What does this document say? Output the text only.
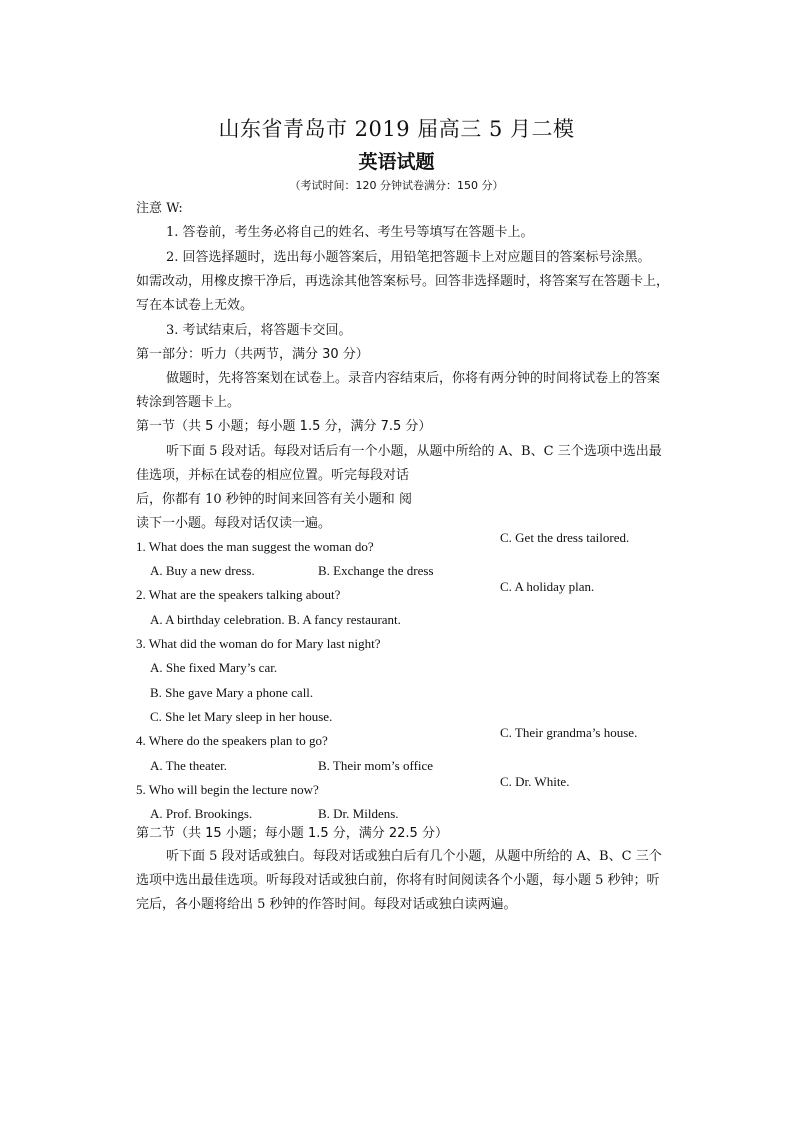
山东省青岛市 2019 届高三 5 月二模
英语试题
（考试时间：120 分钟试卷满分：150 分）
注意 W:
1. 答卷前，考生务必将自己的姓名、考生号等填写在答题卡上。
2. 回答选择题时，选出每小题答案后，用铅笔把答题卡上对应题目的答案标号涂黑。
如需改动，用橡皮擦干净后，再选涂其他答案标号。回答非选择题时，将答案写在答题卡上，
写在本试卷上无效。
3. 考试结束后，将答题卡交回。
第一部分：听力（共两节，满分 30 分）
做题时，先将答案划在试卷上。录音内容结束后，你将有两分钟的时间将试卷上的答案
转涂到答题卡上。
第一节（共 5 小题；每小题 1.5 分，满分 7.5 分）
听下面 5 段对话。每段对话后有一个小题，从题中所给的 A、B、C 三个选项中选出最
佳选项，并标在试卷的相应位置。听完每段对话
后，你都有 10 秒钟的时间来回答有关小题和 阅
读下一小题。每段对话仅读一遍。
C. Get the dress tailored.
1. What does the man suggest the woman do?
A. Buy a new dress.	B. Exchange the dress
C. A holiday plan.
2. What are the speakers talking about?
A. A birthday celebration. B. A fancy restaurant.
3. What did the woman do for Mary last night?
A. She fixed Mary’s car.
B. She gave Mary a phone call.
C. She let Mary sleep in her house.
C. Their grandma’s house.
4. Where do the speakers plan to go?
A. The theater.	B. Their mom’s office
C. Dr. White.
5. Who will begin the lecture now?
A. Prof. Brookings.	B. Dr. Mildens.
第二节（共 15 小题；每小题 1.5 分，满分 22.5 分）
听下面 5 段对话或独白。每段对话或独白后有几个小题，从题中所给的 A、B、C 三个
选项中选出最佳选项。听每段对话或独白前，你将有时间阅读各个小题，每小题 5 秒钟；听
完后，各小题将给出 5 秒钟的作答时间。每段对话或独白读两遍。
